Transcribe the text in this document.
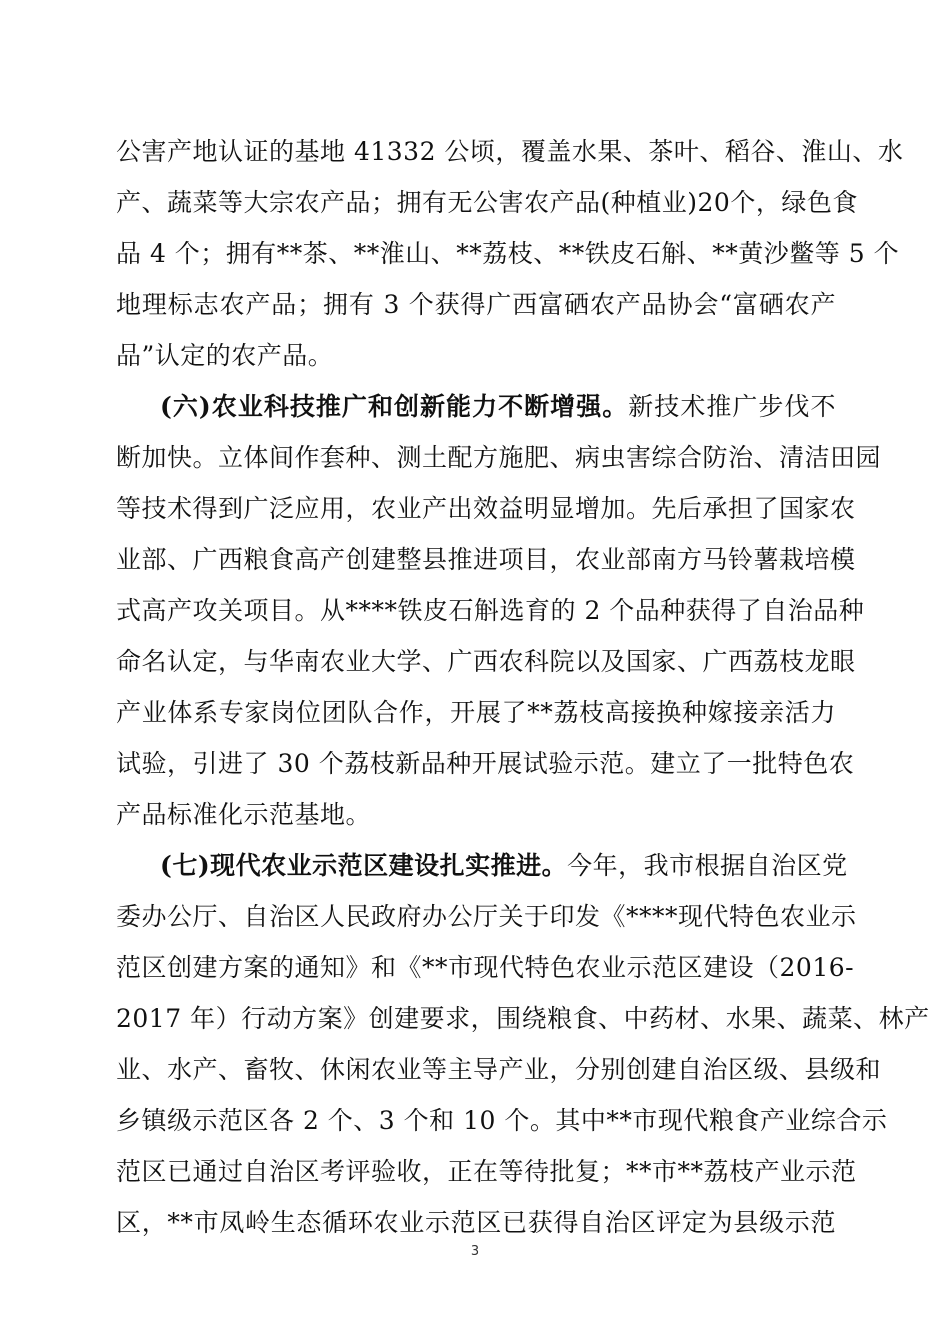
公害产地认证的基地 41332 公顷，覆盖水果、茶叶、稻谷、淮山、水
产、蔬菜等大宗农产品；拥有无公害农产品(种植业)20个，绿色食
品 4 个；拥有**茶、**淮山、**荔枝、**铁皮石斛、**黄沙鳖等 5 个
地理标志农产品；拥有 3 个获得广西富硒农产品协会“富硒农产
品”认定的农产品。
(六)农业科技推广和创新能力不断增强。新技术推广步伐不
断加快。立体间作套种、测土配方施肥、病虫害综合防治、清洁田园
等技术得到广泛应用，农业产出效益明显增加。先后承担了国家农
业部、广西粮食高产创建整县推进项目，农业部南方马铃薯栽培模
式高产攻关项目。从****铁皮石斛选育的 2 个品种获得了自治品种
命名认定，与华南农业大学、广西农科院以及国家、广西荔枝龙眼
产业体系专家岗位团队合作，开展了**荔枝高接换种嫁接亲活力
试验，引进了 30 个荔枝新品种开展试验示范。建立了一批特色农
产品标准化示范基地。
(七)现代农业示范区建设扎实推进。今年，我市根据自治区党
委办公厅、自治区人民政府办公厅关于印发《****现代特色农业示
范区创建方案的通知》和《**市现代特色农业示范区建设（2016-
2017 年）行动方案》创建要求，围绕粮食、中药材、水果、蔬菜、林产
业、水产、畜牧、休闲农业等主导产业，分别创建自治区级、县级和
乡镇级示范区各 2 个、3 个和 10 个。其中**市现代粮食产业综合示
范区已通过自治区考评验收，正在等待批复；**市**荔枝产业示范
区，**市凤岭生态循环农业示范区已获得自治区评定为县级示范
3
